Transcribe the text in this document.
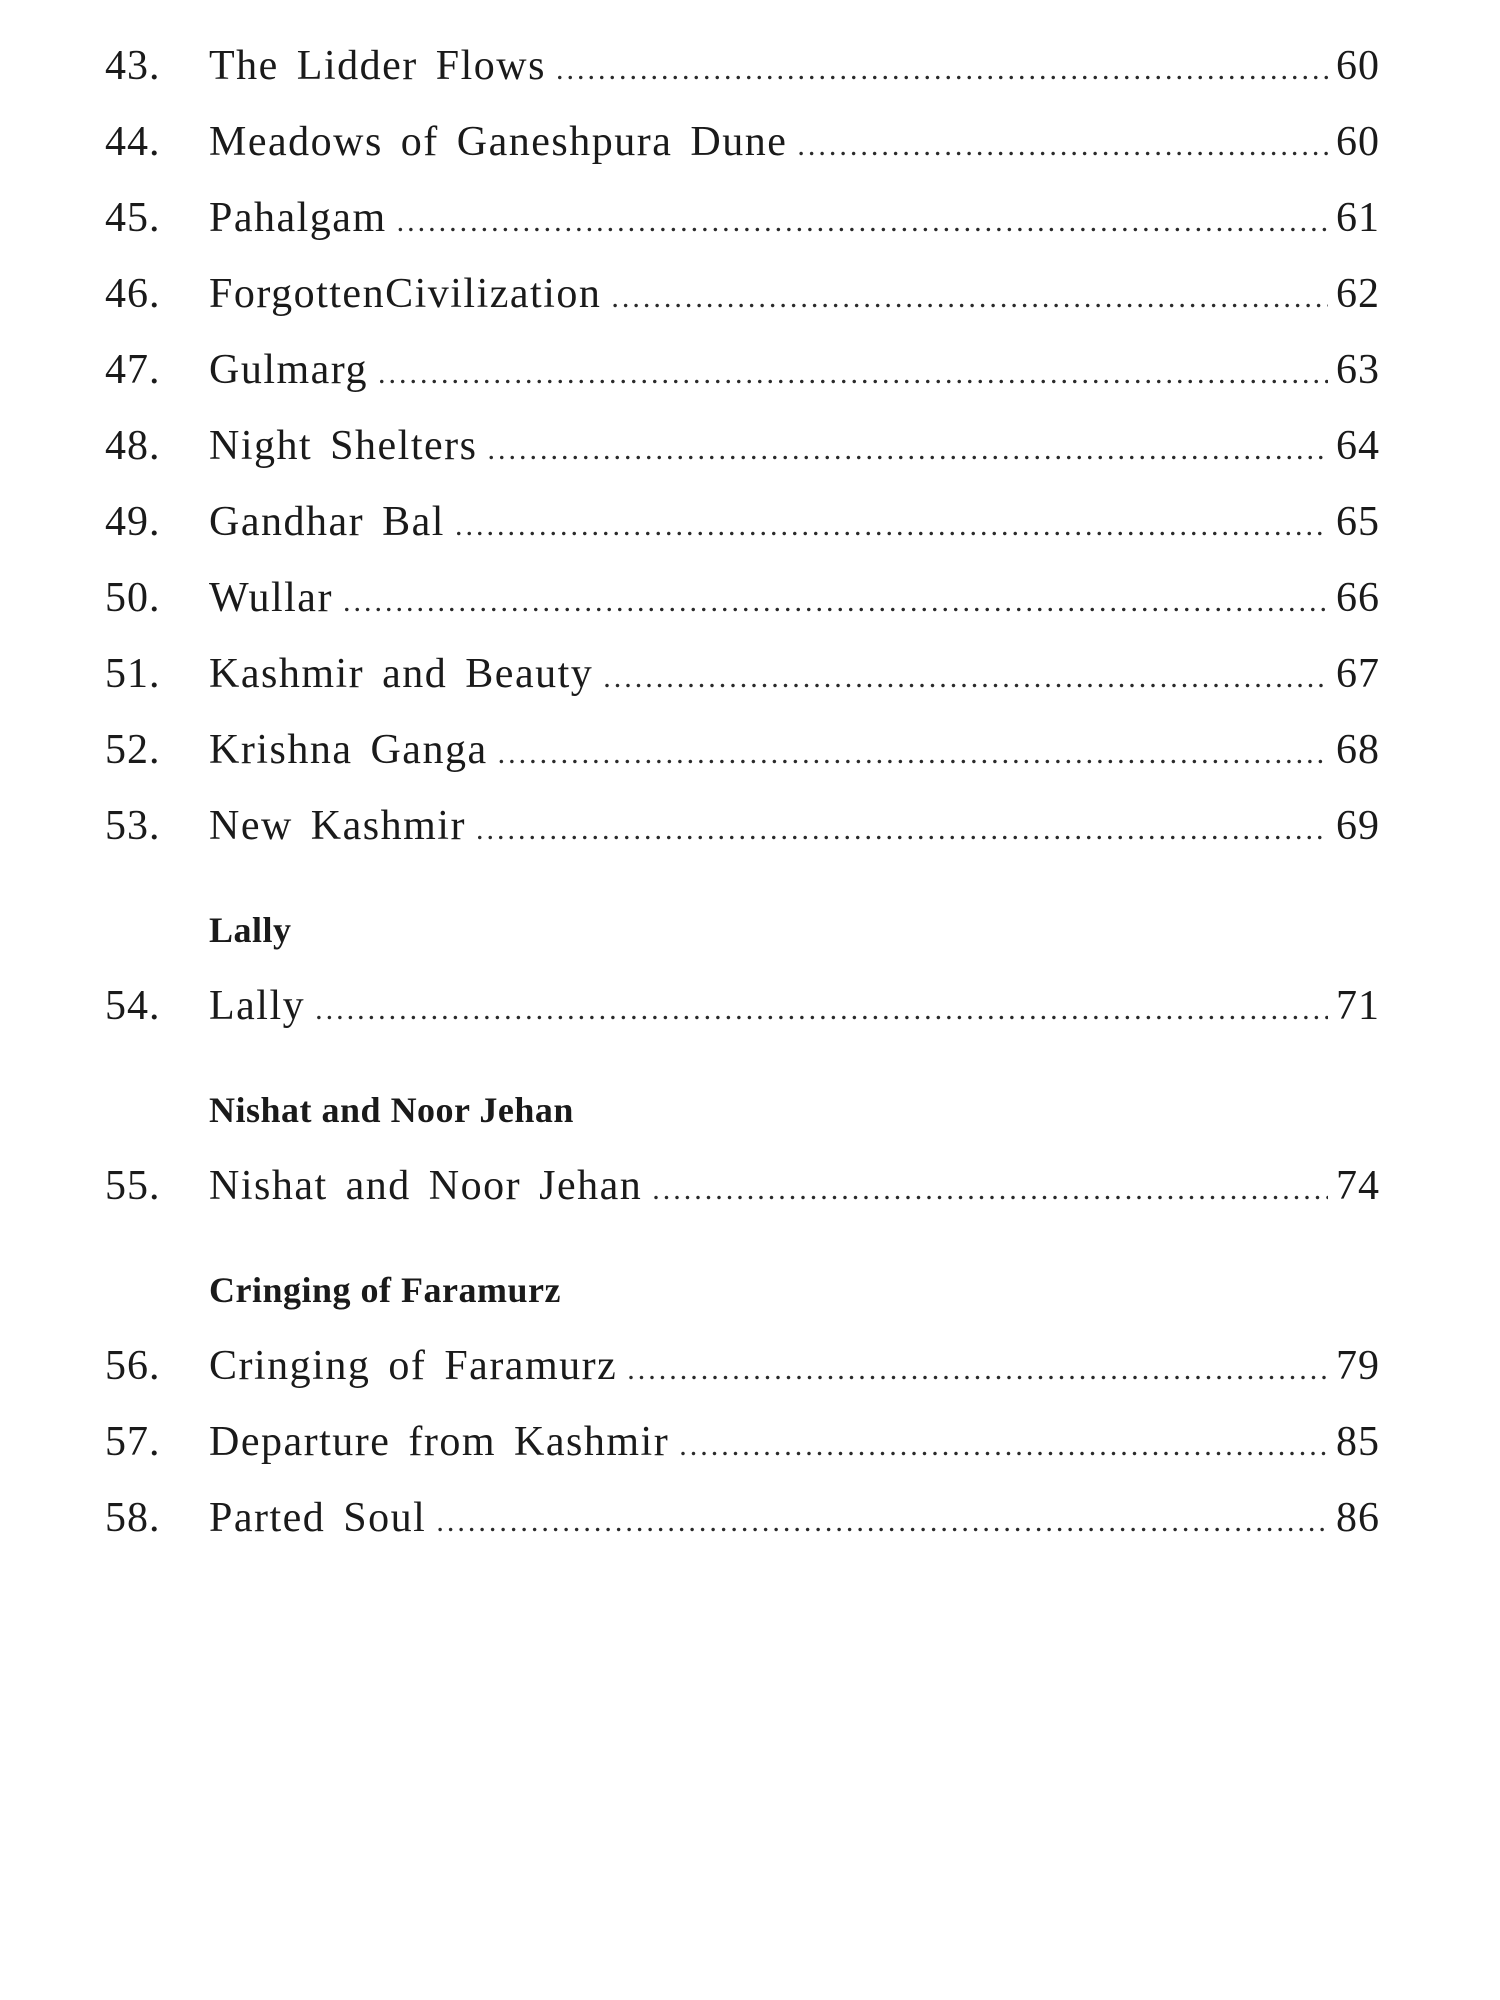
43.	The Lidder Flows .....	60
44.	Meadows of Ganeshpura Dune .....	60
45.	Pahalgam .....	61
46.	ForgottenCivilization .....	62
47.	Gulmarg .....	63
48.	Night Shelters .....	64
49.	Gandhar Bal .....	65
50.	Wullar .....	66
51.	Kashmir and Beauty .....	67
52.	Krishna Ganga .....	68
53.	New Kashmir .....	69
Lally
54.	Lally .....	71
Nishat and Noor Jehan
55.	Nishat and Noor Jehan .....	74
Cringing of Faramurz
56.	Cringing of Faramurz .....	79
57.	Departure from Kashmir .....	85
58.	Parted Soul .....	86
